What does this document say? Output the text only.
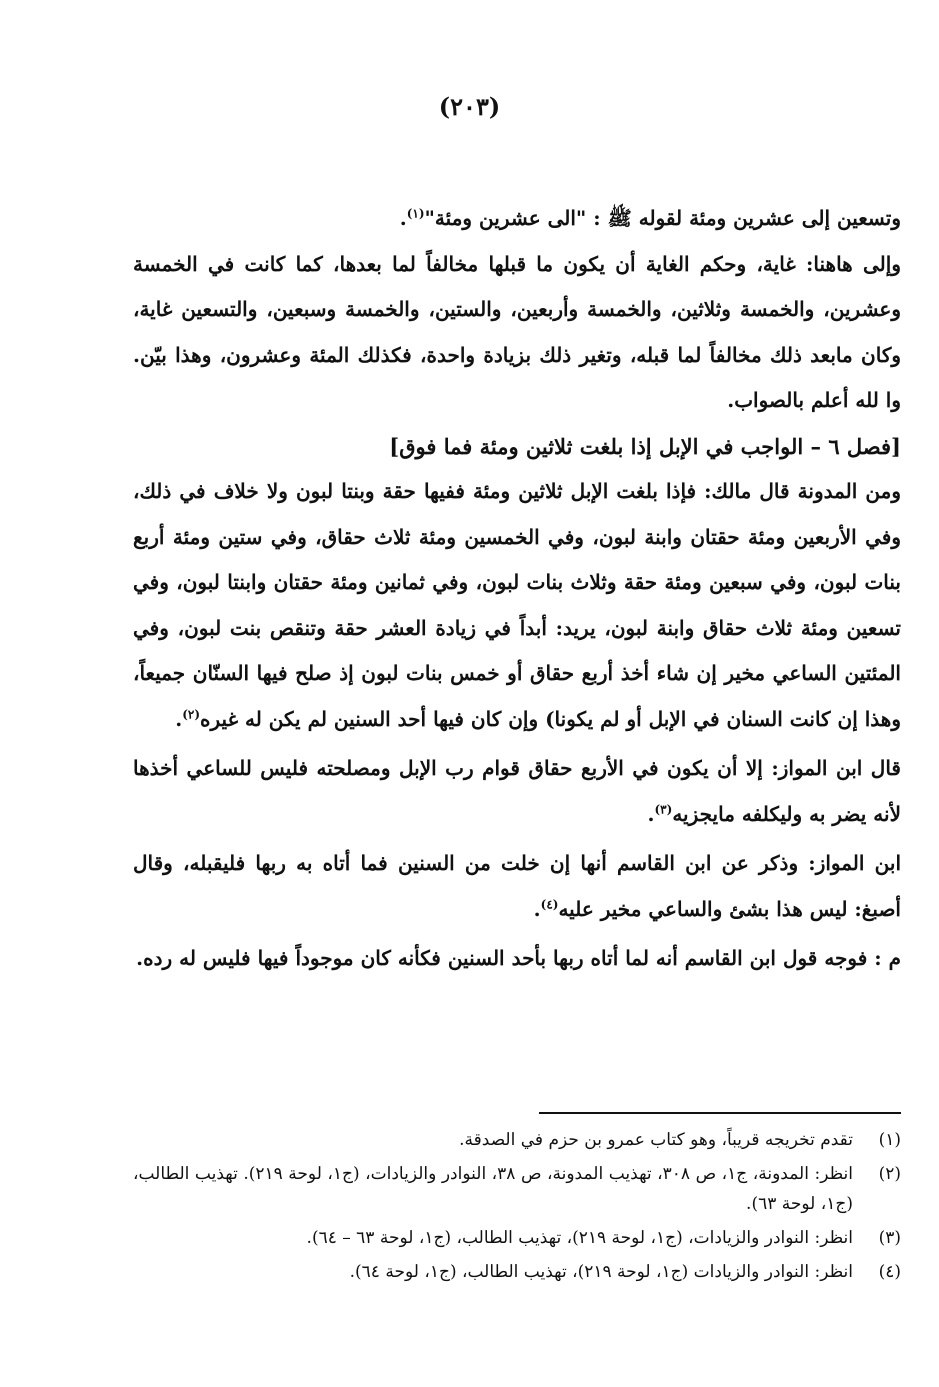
(٢٠٣)

وتسعين إلى عشرين ومئة لقوله ﷺ : "الى عشرين ومئة"$^{(١)}$.

وإلى هاهنا: غاية، وحكم الغاية أن يكون ما قبلها مخالفاً لما بعدها، كما كانت في الخمسة وعشرين، والخمسة وثلاثين، والخمسة وأربعين، والستين، والخمسة وسبعين، والتسعين غاية، وكان مابعد ذلك مخالفاً لما قبله، وتغير ذلك بزيادة واحدة، فكذلك المئة وعشرون، وهذا بيّن. وا لله أعلم بالصواب.

[فصل ٦ – الواجب في الإبل إذا بلغت ثلاثين ومئة فما فوق]

ومن المدونة قال مالك: فإذا بلغت الإبل ثلاثين ومئة ففيها حقة وبنتا لبون ولا خلاف في ذلك، وفي الأربعين ومئة حقتان وابنة لبون، وفي الخمسين ومئة ثلاث حقاق، وفي ستين ومئة أربع بنات لبون، وفي سبعين ومئة حقة وثلاث بنات لبون، وفي ثمانين ومئة حقتان وابنتا لبون، وفي تسعين ومئة ثلاث حقاق وابنة لبون، يريد: أبداً في زيادة العشر حقة وتنقص بنت لبون، وفي المئتين الساعي مخير إن شاء أخذ أربع حقاق أو خمس بنات لبون إذ صلح فيها السنّان جميعاً، وهذا إن كانت السنان في الإبل أو لم يكونا) وإن كان فيها أحد السنين لم يكن له غيره$^{(٢)}$.

قال ابن المواز: إلا أن يكون في الأربع حقاق قوام رب الإبل ومصلحته فليس للساعي أخذها لأنه يضر به وليكلفه مايجزيه$^{(٣)}$.

ابن المواز: وذكر عن ابن القاسم أنها إن خلت من السنين فما أتاه به ربها فليقبله، وقال أصبغ: ليس هذا بشئ والساعي مخير عليه$^{(٤)}$.

م : فوجه قول ابن القاسم أنه لما أتاه ربها بأحد السنين فكأنه كان موجوداً فيها فليس له رده.

(١)
تقدم تخريجه قريباً، وهو كتاب عمرو بن حزم في الصدقة.
(٢)
انظر: المدونة، ج١، ص ٣٠٨، تهذيب المدونة، ص ٣٨، النوادر والزيادات، (ج١، لوحة ٢١٩). تهذيب الطالب، (ج١، لوحة ٦٣).
(٣)
انظر: النوادر والزيادات، (ج١، لوحة ٢١٩)، تهذيب الطالب، (ج١، لوحة ٦٣ – ٦٤).
(٤)
انظر: النوادر والزيادات (ج١، لوحة ٢١٩)، تهذيب الطالب، (ج١، لوحة ٦٤).
